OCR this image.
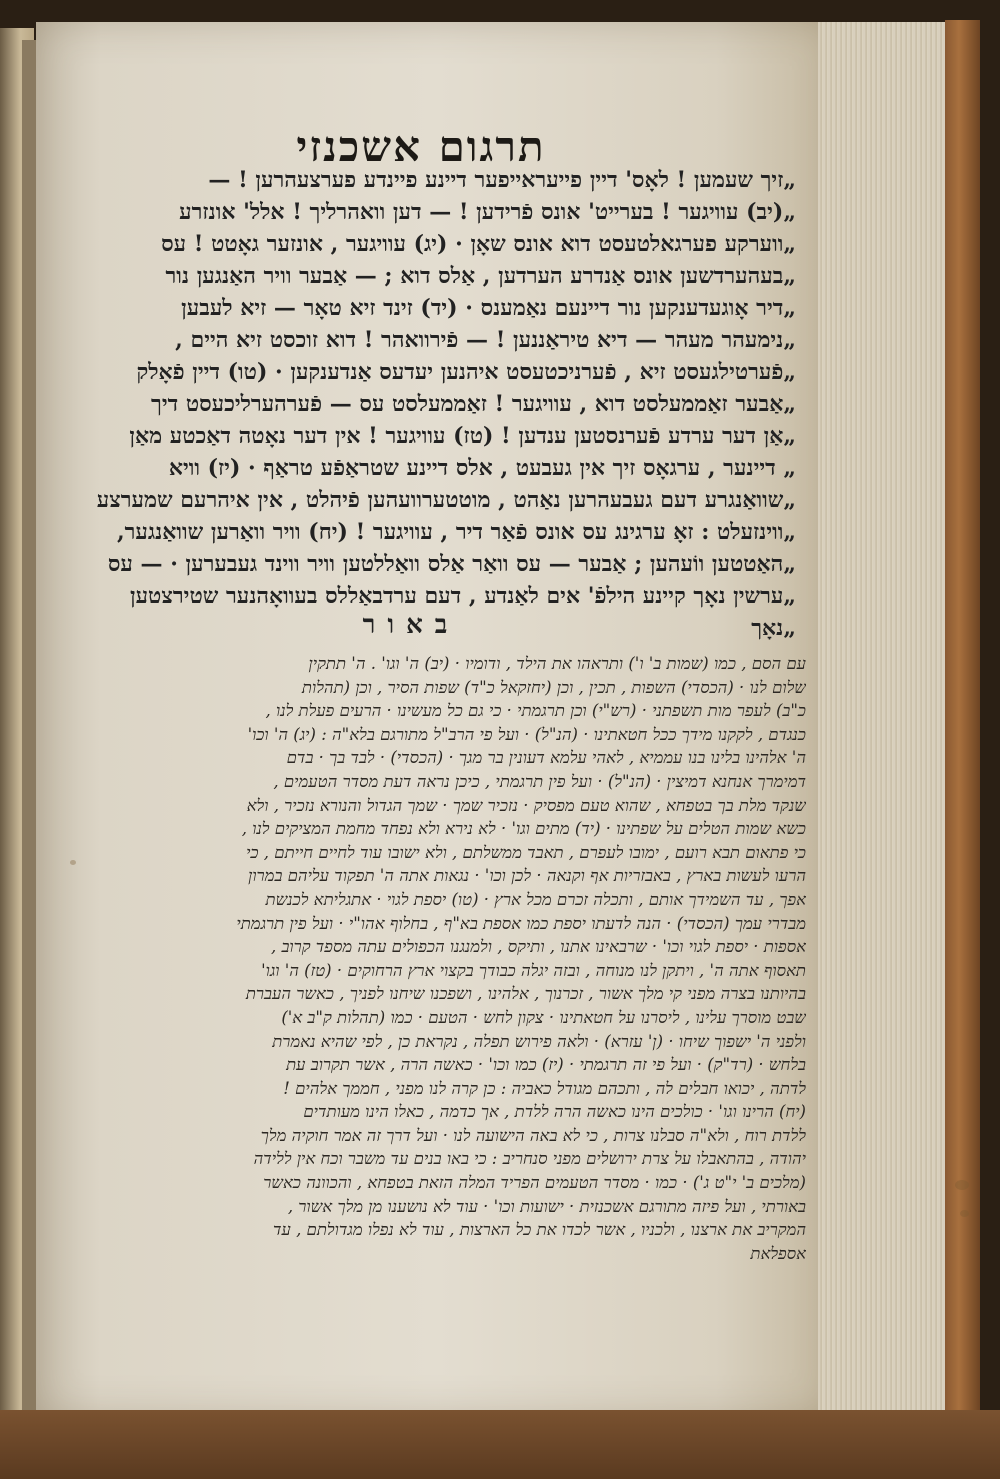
תרגום אשכנזי
„זיך שעמען ! לאָס' דיין פייעראייפער דיינע פיינדע פערצעהרען ! —
„(יב) עוויגער ! בערייט' אונס פֿרידען ! — דען וואהרליך ! אלל' אונזרע
„ווערקע פערגאלטעסט דוא אונס שאָן · (יג) עוויגער , אונזער גאָטט ! עס
„בעהערדשען אונס אַנדרע הערדען , אַלס דוא ; — אַבער וויר האַנגען נור
„דיר אָוגעדענקען נור דיינעם נאַמענס · (יד) זינד זיא טאָר — זיא לעבען
„נימעהר מעהר — דיא טיראַננען ! — פֿירוואהר ! דוא זוכסט זיא היים ,
„פֿערטילגעסט זיא , פֿערניכטעסט איהנען יעדעס אַנדענקען · (טו) דיין פֿאָלק
„אַבער זאַממעלסט דוא , עוויגער ! זאַממעלסט עס — פֿערהערליכעסט דיך
„אַן דער ערדע פֿערנסטען ענדען ! (טז) עוויגער ! אין דער נאָטה דאַכטע מאַן
„ דיינער , ערגאָס זיך אין געבעט , אלס דיינע שטראַפֿע טראַף · (יז) וויא
„שוואַנגרע דעם געבעהרען נאַהט , מוטטערוועהען פֿיהלט , אין איהרעם שמערצע
„ווינזעלט : זאָ ערגינג עס אונס פֿאַר דיר , עוויגער ! (יח) וויר וואַרען שוואַנגער,
„האַטטען ווֹעהען ; אַבער — עס וואַר אַלס וואַללטען וויר ווינד געבערען · — עס
„ערשין נאָך קיינע הילפֿ' אים לאַנדע , דעם ערדבאַללס בעוואָהנער שטירצטען
„נאָך
באור
עם הסם , כמו (שמות ב' ו') ותראהו את הילד , ודומיו · (יב) ה' וגו' . ה' תתקין
שלום לנו · (הכסדי) השפות , תכין , וכן (יחזקאל כ"ד) שפות הסיר , וכן (תהלות
כ"ב) לעפר מות תשפתני · (רש"י) וכן תרגמתי · כי גם כל מעשינו · הרעים פעלת לנו ,
כנגדם , לקקנו מידך ככל חטאתינו · (הנ"ל) · ועל פי הרב"ל מתורגם בלא"ה : (יג) ה' וכו'
ה' אלהינו בלינו בנו עממיא , לאהי עלמא דעונין בר מגך · (הכסדי) · לבד בך · בדם
דמימרך אנחנא דמיצין · (הנ"ל) · ועל פין תרגמתי , כיכן נראה דעת מסדר הטעמים ,
שנקד מלת בך בטפחא , שהוא טעם מפסיק · נזכיר שמך · שמך הגדול והנורא נזכיר , ולא
כשא שמות הטלים על שפתינו · (יד) מתים וגו' · לא נירא ולא נפחד מחמת המציקים לנו ,
כי פתאום תבא רועם , ימובו לעפרם , תאבד ממשלתם , ולא ישובו עוד לחיים חייתם , כי
הרעו לעשות בארץ , באבזריות אף וקנאה · לכן וכו' · נגאות אתה ה' תפקוד עליהם במרון
אפך , עד השמידך אותם , ותכלה זכרם מכל ארץ · (טו) יספת לגוי · אתגליתא לכנשת
מבדרי עמך (הכסדי) · הנה לדעתו יספת כמו אספת בא"ף , בחלוף אהו"י · ועל פין תרגמתי
אספות · יספת לגוי וכו' · שרבאינו אתנו , ותיקס , ולמנגנו הכפולים עתה מספד קרוב ,
תאסוף אתה ה' , ויתקן לנו מנוחה , ובזה יגלה כבודך בקצוי ארץ הרחוקים · (טז) ה' וגו'
בהיותנו בצרה מפני קי מלך אשור , זכרנוך , אלהינו , ושפכנו שיחנו לפניך , כאשר העברת
שבט מוסרך עלינו , ליסרנו על חטאתינו · צקון לחש · הטעם · כמו (תהלות ק"ב א')
ולפני ה' ישפוך שיחו · (ן' עזרא) · ולאה פירוש תפלה , נקראת כן , לפי שהיא נאמרת
בלחש · (רד"ק) · ועל פי זה תרגמתי · (יז) כמו וכו' · כאשה הרה , אשר תקרוב עת
לדתה , יכואו חבלים לה , ותכהם מגודל כאביה : כן קרה לנו מפני , חממך אלהים !
(יח) הרינו וגו' · כולכים הינו כאשה הרה ללדת , אך כדמה , כאלו הינו מעותדים
ללדת רוח , ולא"ה סבלנו צרות , כי לא באה הישועה לנו · ועל דרך זה אמר חוקיה מלך
יהודה , בהתאבלו על צרת ירושלים מפני סנחריב : כי באו בנים עד משבר וכח אין ללידה
(מלכים ב' י"ט ג') · כמו · מסדר הטעמים הפריד המלה הזאת בטפחא , והכוונה כאשר
באורתי , ועל פיזה מתורגם אשכנזית · ישועות וכו' · עוד לא נושענו מן מלך אשור ,
המקריב את ארצנו , ולכניו , אשר לכדו את כל הארצות , עוד לא נפלו מגדולתם , עד
אספלאת
